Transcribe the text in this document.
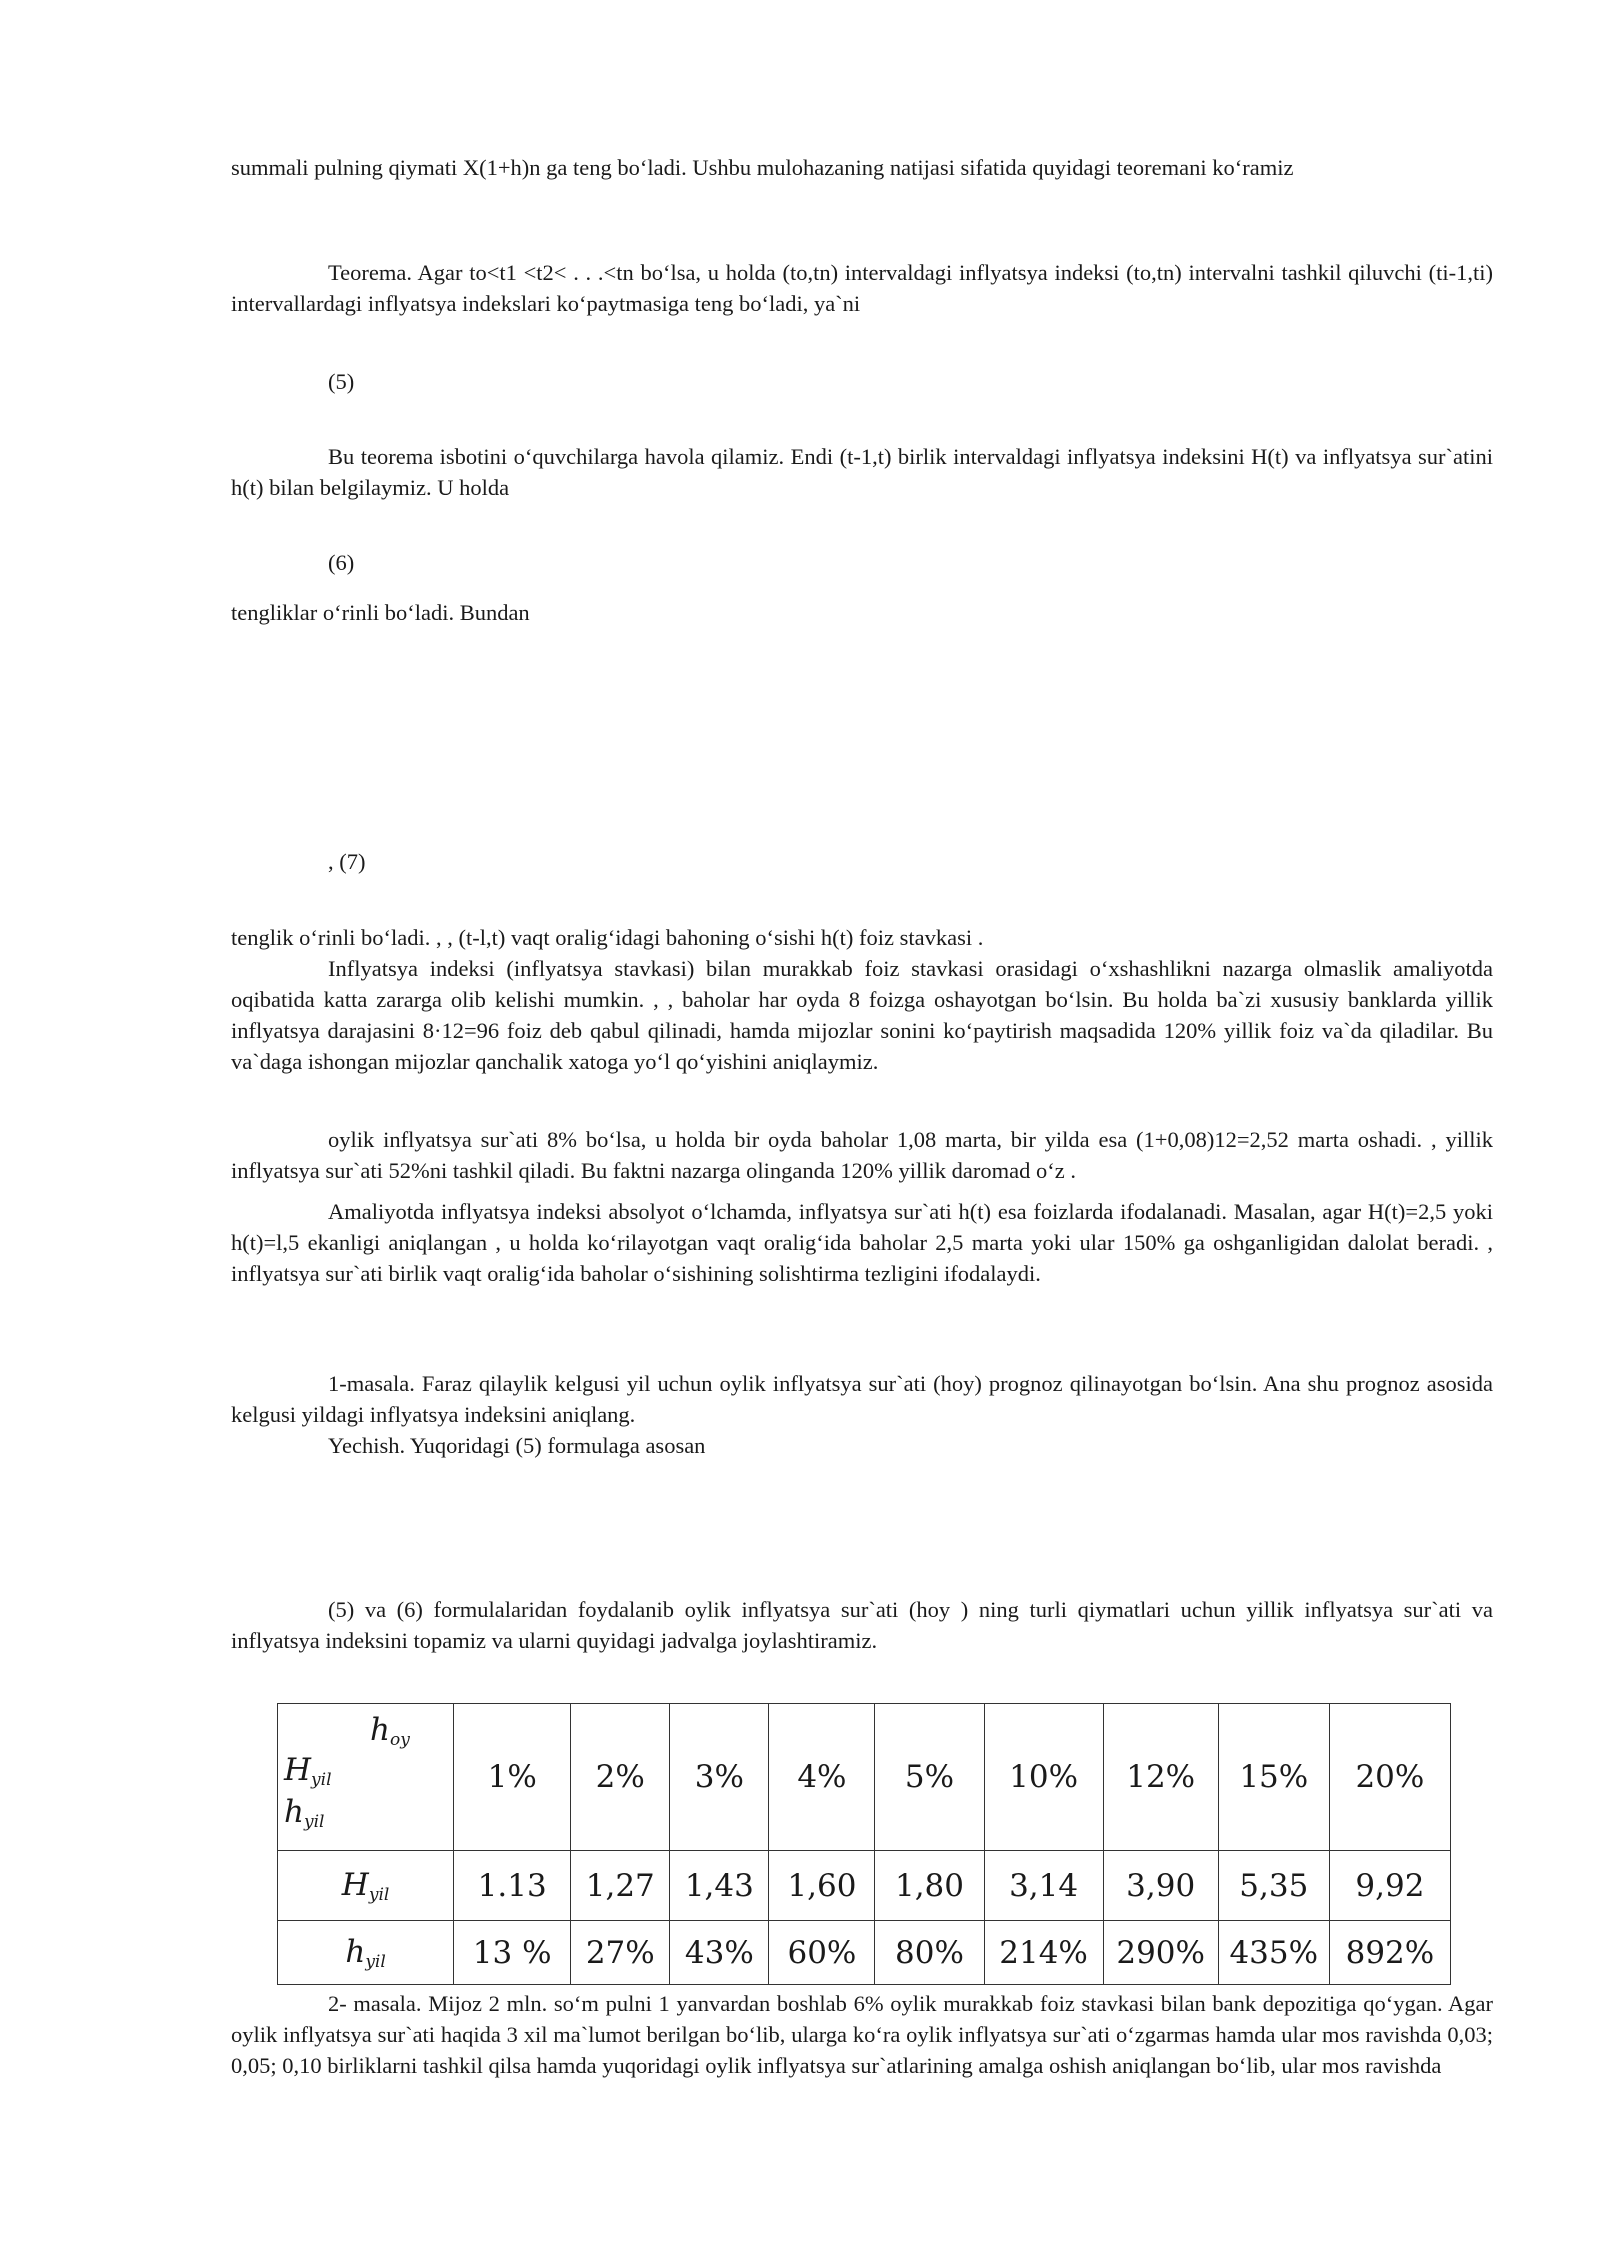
summali pulning qiymati X(1+h)n ga teng boʻladi. Ushbu mulohazaning natijasi sifatida quyidagi teoremani koʻramiz

Teorema. Agar to<t1 <t2< . . .<tn boʻlsa, u holda (to,tn) intervaldagi inflyatsya indeksi (to,tn) intervalni tashkil qiluvchi (ti-1,ti) intervallardagi inflyatsya indekslari koʻpaytmasiga teng boʻladi, ya`ni

(5)

Bu teorema isbotini oʻquvchilarga havola qilamiz. Endi (t-1,t) birlik intervaldagi inflyatsya indeksini H(t) va inflyatsya sur`atini h(t) bilan belgilaymiz. U holda

(6)

tengliklar oʻrinli boʻladi. Bundan

, (7)

tenglik oʻrinli boʻladi. , , (t-l,t) vaqt oraligʻidagi bahoning oʻsishi h(t) foiz stavkasi .

Inflyatsya indeksi (inflyatsya stavkasi) bilan murakkab foiz stavkasi orasidagi oʻxshashlikni nazarga olmaslik amaliyotda oqibatida katta zararga olib kelishi mumkin. , , baholar har oyda 8 foizga oshayotgan boʻlsin. Bu holda ba`zi xususiy banklarda yillik inflyatsya darajasini 8·12=96 foiz deb qabul qilinadi, hamda mijozlar sonini koʻpaytirish maqsadida 120% yillik foiz va`da qiladilar. Bu va`daga ishongan mijozlar qanchalik xatoga yoʻl qoʻyishini aniqlaymiz.

oylik inflyatsya sur`ati 8% boʻlsa, u holda bir oyda baholar 1,08 marta, bir yilda esa (1+0,08)12=2,52 marta oshadi. , yillik inflyatsya sur`ati 52%ni tashkil qiladi. Bu faktni nazarga olinganda 120% yillik daromad oʻz .

Amaliyotda inflyatsya indeksi absolyot oʻlchamda, inflyatsya sur`ati h(t) esa foizlarda ifodalanadi. Masalan, agar H(t)=2,5 yoki h(t)=l,5 ekanligi aniqlangan , u holda koʻrilayotgan vaqt oraligʻida baholar 2,5 marta yoki ular 150% ga oshganligidan dalolat beradi. , inflyatsya sur`ati birlik vaqt oraligʻida baholar oʻsishining solishtirma tezligini ifodalaydi.

1-masala. Faraz qilaylik kelgusi yil uchun oylik inflyatsya sur`ati (hoy) prognoz qilinayotgan boʻlsin. Ana shu prognoz asosida kelgusi yildagi inflyatsya indeksini aniqlang.

Yechish. Yuqoridagi (5) formulaga asosan

(5) va (6) formulalaridan foydalanib oylik inflyatsya sur`ati (hoy ) ning turli qiymatlari uchun yillik inflyatsya sur`ati va inflyatsya indeksini topamiz va ularni quyidagi jadvalga joylashtiramiz.

$h_{oy}$
$H_{yil}$
$h_{yil}$	1%	2%	3%	4%	5%	10%	12%	15%	20%
$H_{yil}$	1.13	1,27	1,43	1,60	1,80	3,14	3,90	5,35	9,92
$h_{yil}$	13 %	27%	43%	60%	80%	214%	290%	435%	892%

2- masala. Mijoz 2 mln. soʻm pulni 1 yanvardan boshlab 6% oylik murakkab foiz stavkasi bilan bank depozitiga qoʻygan. Agar oylik inflyatsya sur`ati haqida 3 xil ma`lumot berilgan boʻlib, ularga koʻra oylik inflyatsya sur`ati oʻzgarmas hamda ular mos ravishda 0,03; 0,05; 0,10 birliklarni tashkil qilsa hamda yuqoridagi oylik inflyatsya sur`atlarining amalga oshish aniqlangan boʻlib, ular mos ravishda
